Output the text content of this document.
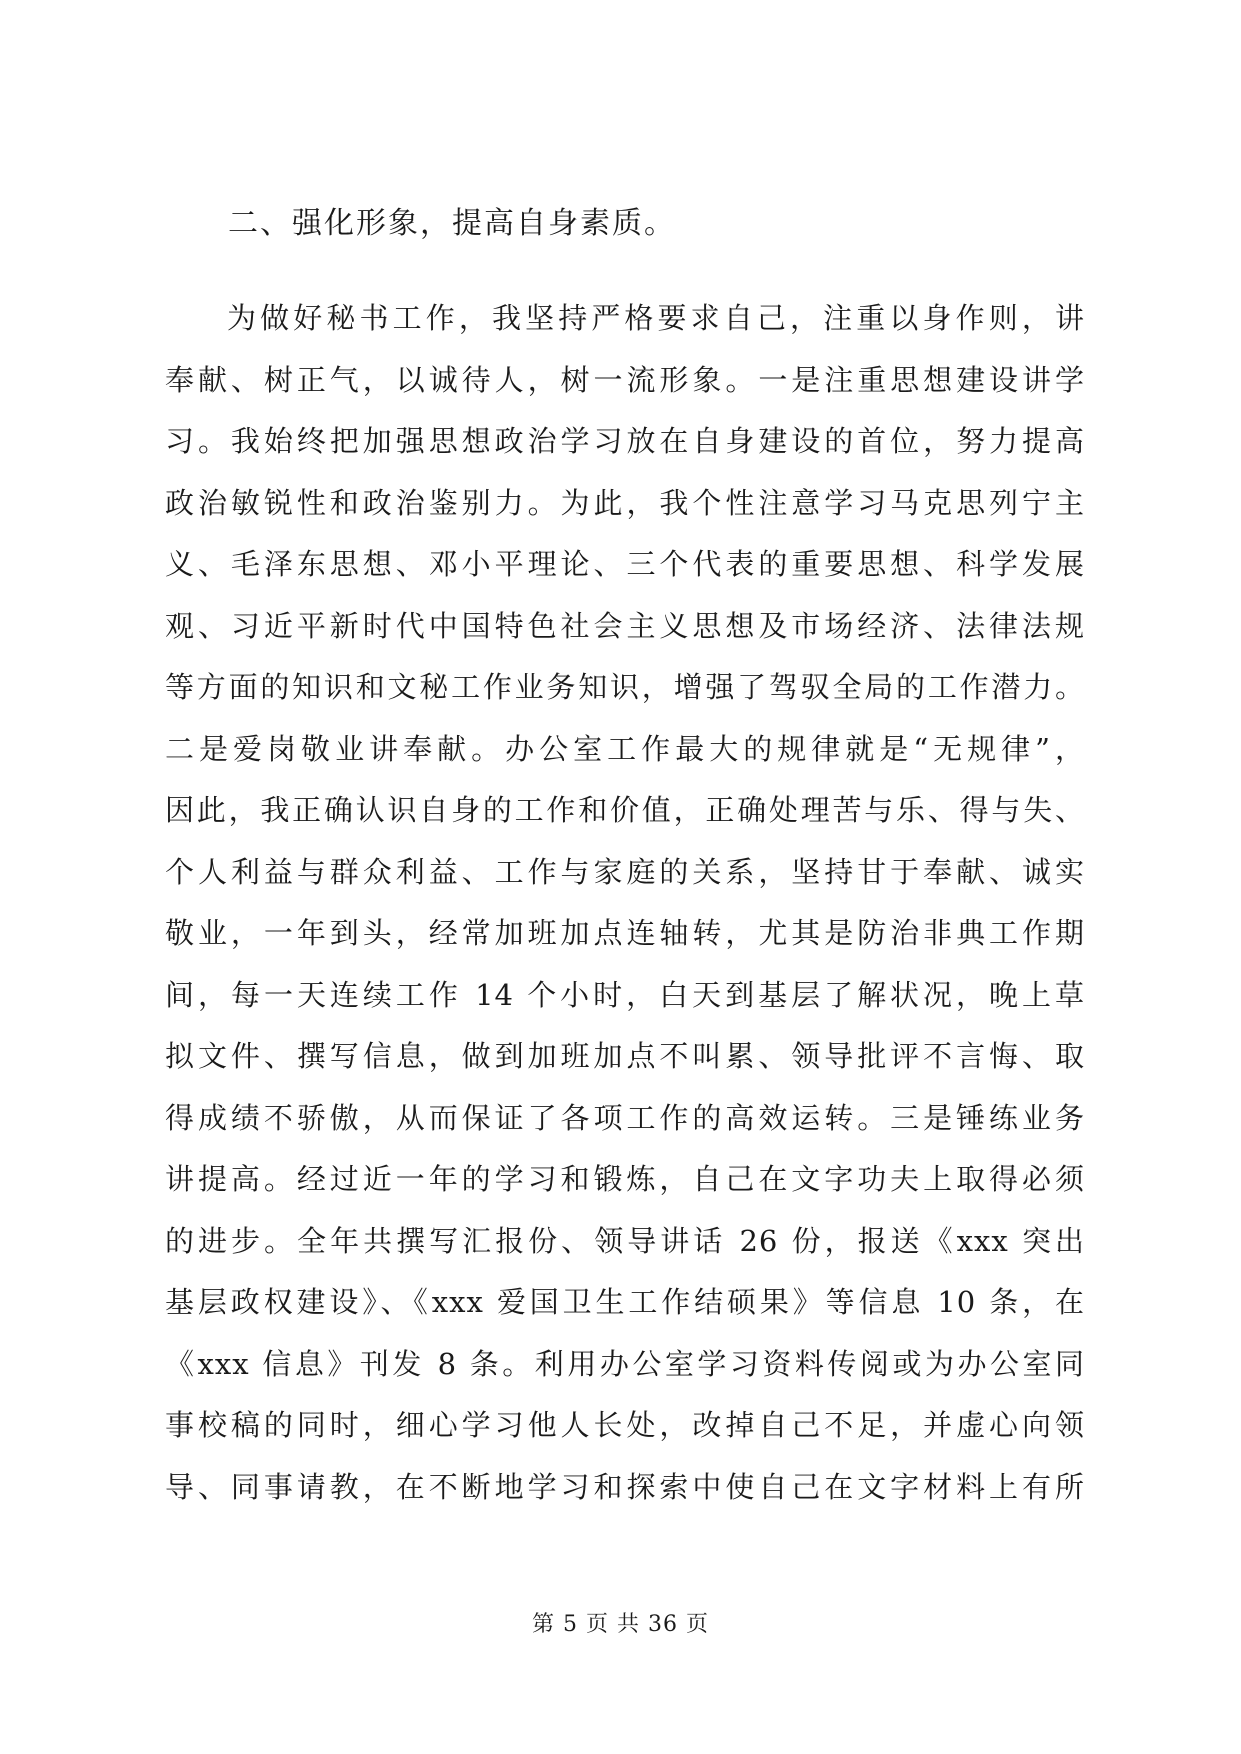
二、强化形象，提高自身素质。
为做好秘书工作，我坚持严格要求自己，注重以身作则，讲
奉献、树正气，以诚待人，树一流形象。一是注重思想建设讲学
习。我始终把加强思想政治学习放在自身建设的首位，努力提高
政治敏锐性和政治鉴别力。为此，我个性注意学习马克思列宁主
义、毛泽东思想、邓小平理论、三个代表的重要思想、科学发展
观、习近平新时代中国特色社会主义思想及市场经济、法律法规
等方面的知识和文秘工作业务知识，增强了驾驭全局的工作潜力。
二是爱岗敬业讲奉献。办公室工作最大的规律就是“无规律”，
因此，我正确认识自身的工作和价值，正确处理苦与乐、得与失、
个人利益与群众利益、工作与家庭的关系，坚持甘于奉献、诚实
敬业，一年到头，经常加班加点连轴转，尤其是防治非典工作期
间，每一天连续工作 14 个小时，白天到基层了解状况，晚上草
拟文件、撰写信息，做到加班加点不叫累、领导批评不言悔、取
得成绩不骄傲，从而保证了各项工作的高效运转。三是锤练业务
讲提高。经过近一年的学习和锻炼，自己在文字功夫上取得必须
的进步。全年共撰写汇报份、领导讲话 26 份，报送《xxx 突出
基层政权建设》、《xxx 爱国卫生工作结硕果》等信息 10 条，在
《xxx 信息》刊发 8 条。利用办公室学习资料传阅或为办公室同
事校稿的同时，细心学习他人长处，改掉自己不足，并虚心向领
导、同事请教，在不断地学习和探索中使自己在文字材料上有所
第 5 页 共 36 页
